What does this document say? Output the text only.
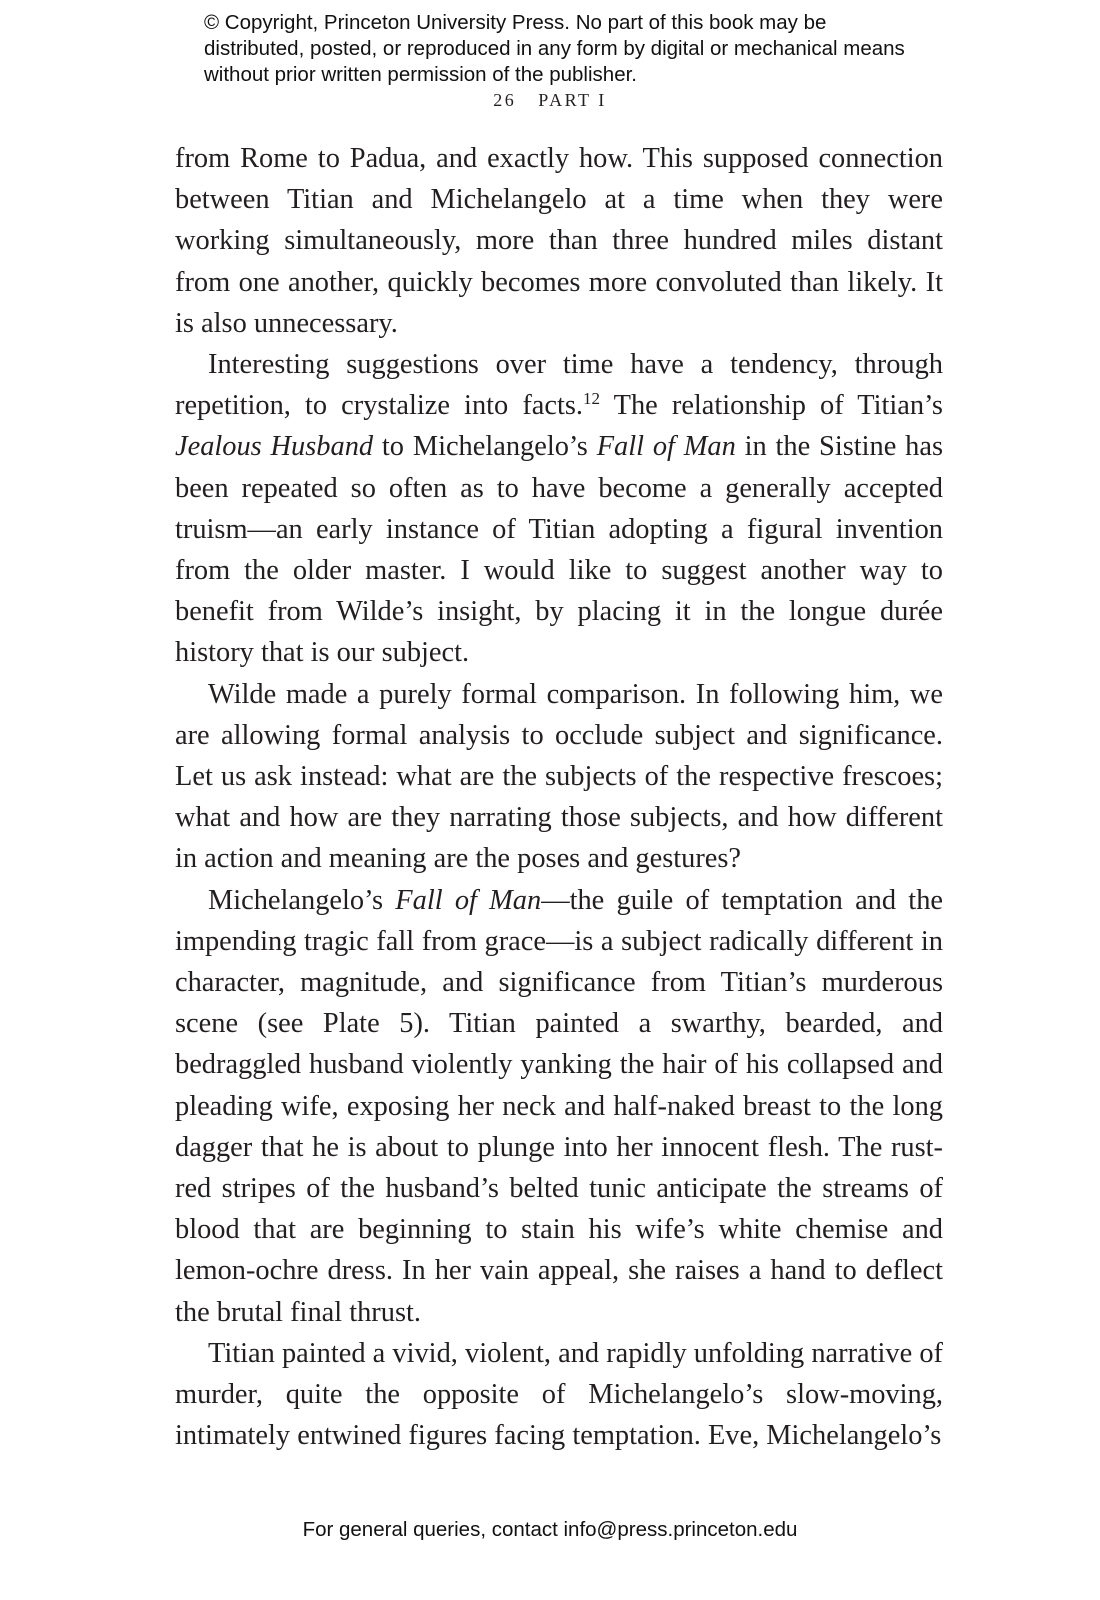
© Copyright, Princeton University Press. No part of this book may be distributed, posted, or reproduced in any form by digital or mechanical means without prior written permission of the publisher.
26 PART I

from Rome to Padua, and exactly how. This supposed connection between Titian and Michelangelo at a time when they were working simultaneously, more than three hundred miles distant from one another, quickly becomes more convoluted than likely. It is also unnecessary.

Interesting suggestions over time have a tendency, through repetition, to crystalize into facts.$^{12}$ The relationship of Titian’s Jealous Husband to Michelangelo’s Fall of Man in the Sistine has been repeated so often as to have become a generally accepted truism—an early instance of Titian adopting a figural invention from the older master. I would like to suggest another way to benefit from Wilde’s insight, by placing it in the longue durée history that is our subject.

Wilde made a purely formal comparison. In following him, we are allowing formal analysis to occlude subject and significance. Let us ask instead: what are the subjects of the respective frescoes; what and how are they narrating those subjects, and how different in action and meaning are the poses and gestures?

Michelangelo’s Fall of Man—the guile of temptation and the impending tragic fall from grace—is a subject radically different in character, magnitude, and significance from Titian’s murderous scene (see Plate 5). Titian painted a swarthy, bearded, and bedraggled husband violently yanking the hair of his collapsed and pleading wife, exposing her neck and half-naked breast to the long dagger that he is about to plunge into her innocent flesh. The rust-red stripes of the husband’s belted tunic anticipate the streams of blood that are beginning to stain his wife’s white chemise and lemon-ochre dress. In her vain appeal, she raises a hand to deflect the brutal final thrust.

Titian painted a vivid, violent, and rapidly unfolding narrative of murder, quite the opposite of Michelangelo’s slow-moving, intimately entwined figures facing temptation. Eve, Michelangelo’s

For general queries, contact info@press.princeton.edu
